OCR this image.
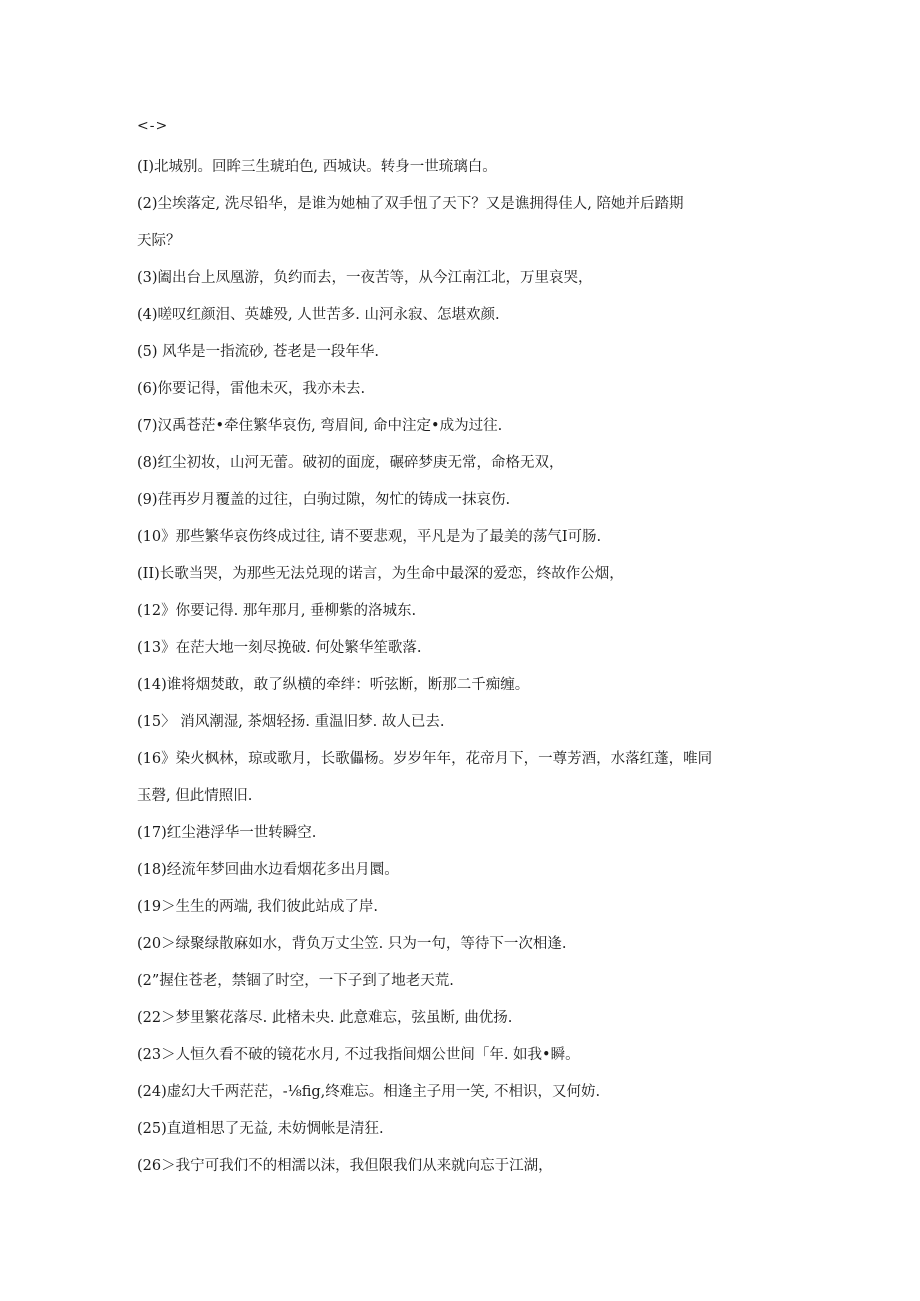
<->
(I)北城别。回眸三生琥珀色, 西城诀。转身一世琉璃白。
(2)尘埃落定, 洗尽铅华，是谁为她柚了双手忸了天下？又是谯拥得佳人, 陪她并后踏期
天际？
(3)阖出台上凤凰游，负约而去，一夜苦等，从今江南江北，万里哀哭，
(4)嗟叹红颜泪、英雄殁, 人世苦多. 山河永寂、怎堪欢颜.
(5) 风华是一指流砂, 苍老是一段年华.
(6)你要记得，雷他未灭，我亦未去.
(7)汉禹苍茫•牵住繁华哀伤, 弯眉间, 命中注定•成为过往.
(8)红尘初妆，山河无蕾。破初的面庞，碾碎梦庚无常，命格无双，
(9)荏再岁月覆盖的过往，白驹过隙，匆忙的铸成一抹哀伤.
(10》那些繁华哀伤终成过往, 请不要悲观，平凡是为了最美的荡气I可肠.
(II)长歌当哭，为那些无法兑现的诺言，为生命中最深的爱恋，终故作公烟，
(12》你要记得. 那年那月, 垂柳紫的洛城东.
(13》在茫大地一刻尽挽破. 何处繁华笙歌落.
(14)谁将烟焚敢，敢了纵横的牵绊：听弦断，断那二千痴缠。
(15〉 消风潮湿, 茶烟轻扬. 重温旧梦. 故人已去.
(16》染火枫林，琼或歌月，长歌儡杨。岁岁年年，花帝月下，一尊芳酒，水落红蓬，唯同
玉磬, 但此情照旧.
(17)红尘港浮华一世转瞬空.
(18)经流年梦回曲水边看烟花多出月圜。
(19＞生生的两端, 我们彼此站成了岸.
(20＞绿聚绿散麻如水，背负万丈尘笠. 只为一句，等待下一次相逢.
(2”握住苍老，禁锢了时空，一下子到了地老天荒.
(22＞梦里繁花落尽. 此楮未央. 此意难忘，弦虽断, 曲优扬.
(23＞人恒久看不破的镜花水月, 不过我指间烟公世间「年. 如我•瞬。
(24)虚幻大千两茫茫，-⅛fig,终难忘。相逢主子用一笑, 不相识，又何妨.
(25)直道相思了无益, 未妨惆帐是清狂.
(26＞我宁可我们不的相濡以沫，我但限我们从来就向忘于江湖，
